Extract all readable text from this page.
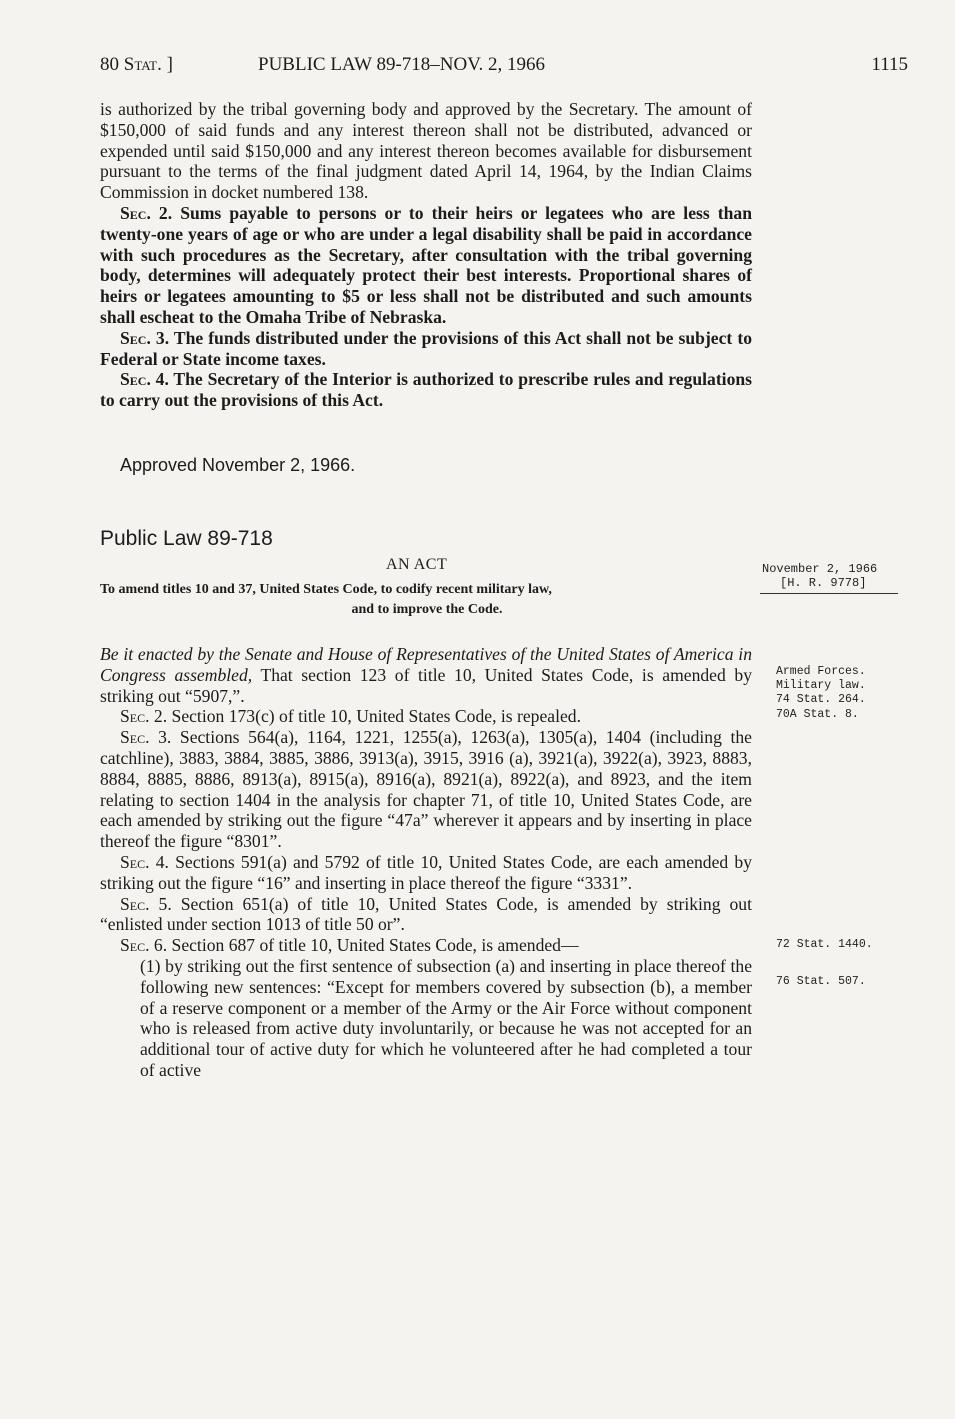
80 Stat. ]	PUBLIC LAW 89-718–NOV. 2, 1966	1115

is authorized by the tribal governing body and approved by the Secretary. The amount of $150,000 of said funds and any interest thereon shall not be distributed, advanced or expended until said $150,000 and any interest thereon becomes available for disbursement pursuant to the terms of the final judgment dated April 14, 1964, by the Indian Claims Commission in docket numbered 138.

Sec. 2. Sums payable to persons or to their heirs or legatees who are less than twenty-one years of age or who are under a legal disability shall be paid in accordance with such procedures as the Secretary, after consultation with the tribal governing body, determines will adequately protect their best interests. Proportional shares of heirs or legatees amounting to $5 or less shall not be distributed and such amounts shall escheat to the Omaha Tribe of Nebraska.

Sec. 3. The funds distributed under the provisions of this Act shall not be subject to Federal or State income taxes.

Sec. 4. The Secretary of the Interior is authorized to prescribe rules and regulations to carry out the provisions of this Act.

Approved November 2, 1966.
Public Law 89-718
AN ACT
To amend titles 10 and 37, United States Code, to codify recent military law,
and to improve the Code.
November 2, 1966
[H. R. 9778]

Be it enacted by the Senate and House of Representatives of the United States of America in Congress assembled, That section 123 of title 10, United States Code, is amended by striking out “5907,”.

Sec. 2. Section 173(c) of title 10, United States Code, is repealed.

Sec. 3. Sections 564(a), 1164, 1221, 1255(a), 1263(a), 1305(a), 1404 (including the catchline), 3883, 3884, 3885, 3886, 3913(a), 3915, 3916 (a), 3921(a), 3922(a), 3923, 8883, 8884, 8885, 8886, 8913(a), 8915(a), 8916(a), 8921(a), 8922(a), and 8923, and the item relating to section 1404 in the analysis for chapter 71, of title 10, United States Code, are each amended by striking out the figure “47a” wherever it appears and by inserting in place thereof the figure “8301”.

Sec. 4. Sections 591(a) and 5792 of title 10, United States Code, are each amended by striking out the figure “16” and inserting in place thereof the figure “3331”.

Sec. 5. Section 651(a) of title 10, United States Code, is amended by striking out “enlisted under section 1013 of title 50 or”.

Sec. 6. Section 687 of title 10, United States Code, is amended—

(1) by striking out the first sentence of subsection (a) and inserting in place thereof the following new sentences: “Except for members covered by subsection (b), a member of a reserve component or a member of the Army or the Air Force without component who is released from active duty involuntarily, or because he was not accepted for an additional tour of active duty for which he volunteered after he had completed a tour of active

Armed Forces.
Military law.
74 Stat. 264.
70A Stat. 8.
72 Stat. 1440.
76 Stat. 507.
